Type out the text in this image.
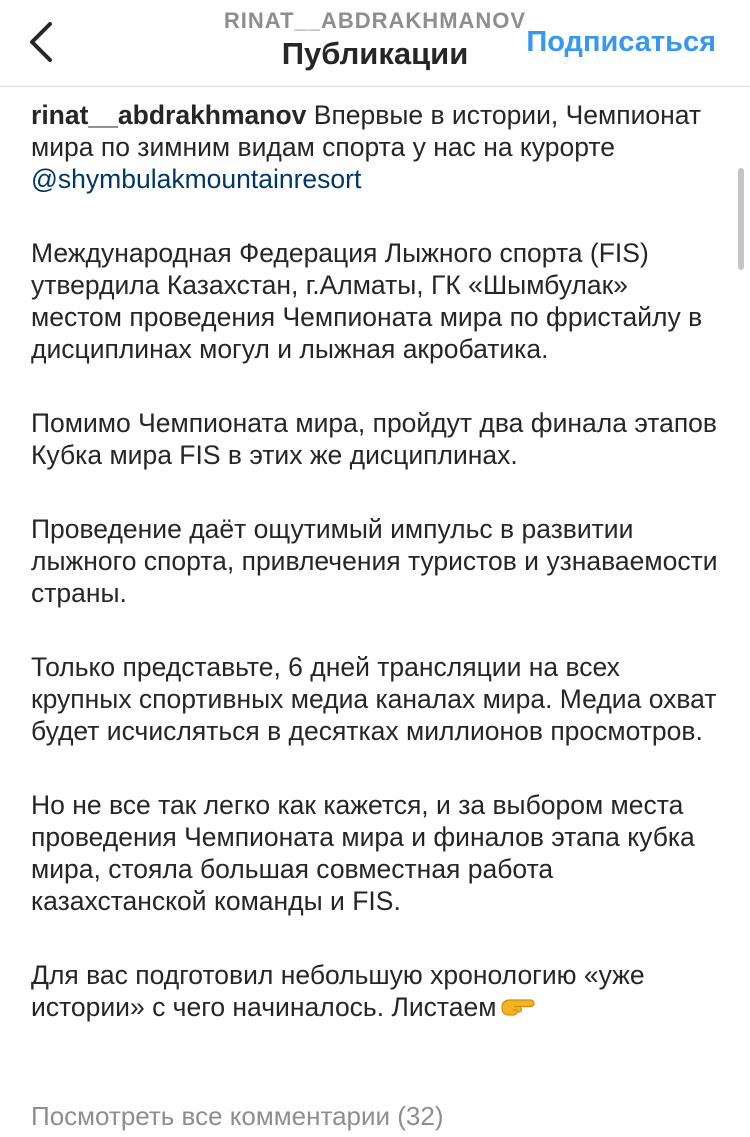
RINAT__ABDRAKHMANOV
Публикации	Подписаться

rinat__abdrakhmanov Впервые в истории, Чемпионат мира по зимним видам спорта у нас на курорте @shymbulakmountainresort

Международная Федерация Лыжного спорта (FIS) утвердила Казахстан, г.Алматы, ГК «Шымбулак» местом проведения Чемпионата мира по фристайлу в дисциплинах могул и лыжная акробатика.

Помимо Чемпионата мира, пройдут два финала этапов Кубка мира FIS в этих же дисциплинах.

Проведение даёт ощутимый импульс в развитии лыжного спорта, привлечения туристов и узнаваемости страны.

Только представьте, 6 дней трансляции на всех крупных спортивных медиа каналах мира. Медиа охват будет исчисляться в десятках миллионов просмотров.

Но не все так легко как кажется, и за выбором места проведения Чемпионата мира и финалов этапа кубка мира, стояла большая совместная работа казахстанской команды и FIS.

Для вас подготовил небольшую хронологию «уже истории» с чего начиналось. Листаем

Посмотреть все комментарии (32)
